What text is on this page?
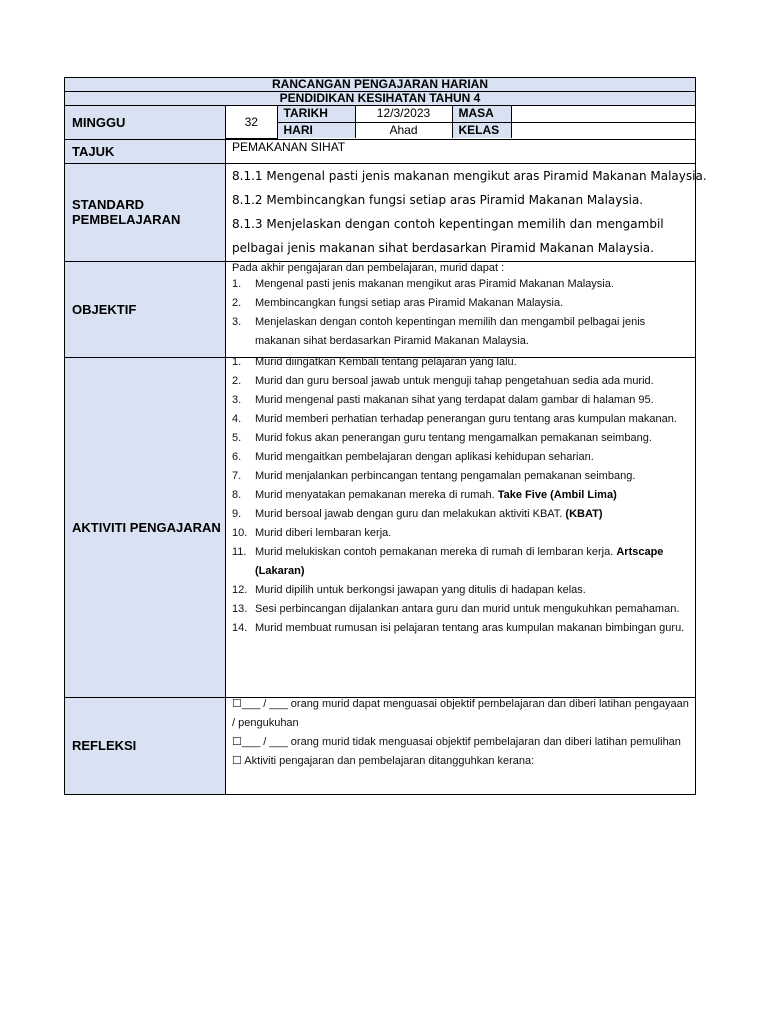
RANCANGAN PENGAJARAN HARIAN
PENDIDIKAN KESIHATAN TAHUN 4
MINGGU		32	TARIKH	12/3/2023	MASA	
HARI	Ahad	KELAS	

TAJUK	PEMAKANAN SIHAT
STANDARD PEMBELAJARAN	
8.1.1 Mengenal pasti jenis makanan mengikut aras Piramid Makanan Malaysia.
8.1.2 Membincangkan fungsi setiap aras Piramid Makanan Malaysia.
8.1.3 Menjelaskan dengan contoh kepentingan memilih dan mengambil
pelbagai jenis makanan sihat berdasarkan Piramid Makanan Malaysia.

OBJEKTIF	
Pada akhir pengajaran dan pembelajaran, murid dapat :
1. Mengenal pasti jenis makanan mengikut aras Piramid Makanan Malaysia.
2. Membincangkan fungsi setiap aras Piramid Makanan Malaysia.
3. Menjelaskan dengan contoh kepentingan memilih dan mengambil pelbagai jenis makanan sihat berdasarkan Piramid Makanan Malaysia.

AKTIVITI PENGAJARAN	
1. Murid diingatkan Kembali tentang pelajaran yang lalu.
2. Murid dan guru bersoal jawab untuk menguji tahap pengetahuan sedia ada murid.
3. Murid mengenal pasti makanan sihat yang terdapat dalam gambar di halaman 95.
4. Murid memberi perhatian terhadap penerangan guru tentang aras kumpulan makanan.
5. Murid fokus akan penerangan guru tentang mengamalkan pemakanan seimbang.
6. Murid mengaitkan pembelajaran dengan aplikasi kehidupan seharian.
7. Murid menjalankan perbincangan tentang pengamalan pemakanan seimbang.
8. Murid menyatakan pemakanan mereka di rumah. Take Five (Ambil Lima)
9. Murid bersoal jawab dengan guru dan melakukan aktiviti KBAT. (KBAT)
10. Murid diberi lembaran kerja.
11. Murid melukiskan contoh pemakanan mereka di rumah di lembaran kerja. Artscape (Lakaran)
12. Murid dipilih untuk berkongsi jawapan yang ditulis di hadapan kelas.
13. Sesi perbincangan dijalankan antara guru dan murid untuk mengukuhkan pemahaman.
14. Murid membuat rumusan isi pelajaran tentang aras kumpulan makanan bimbingan guru.

REFLEKSI	
☐___ / ___ orang murid dapat menguasai objektif pembelajaran dan diberi latihan pengayaan / pengukuhan
☐___ / ___ orang murid tidak menguasai objektif pembelajaran dan diberi latihan pemulihan
☐ Aktiviti pengajaran dan pembelajaran ditangguhkan kerana:
